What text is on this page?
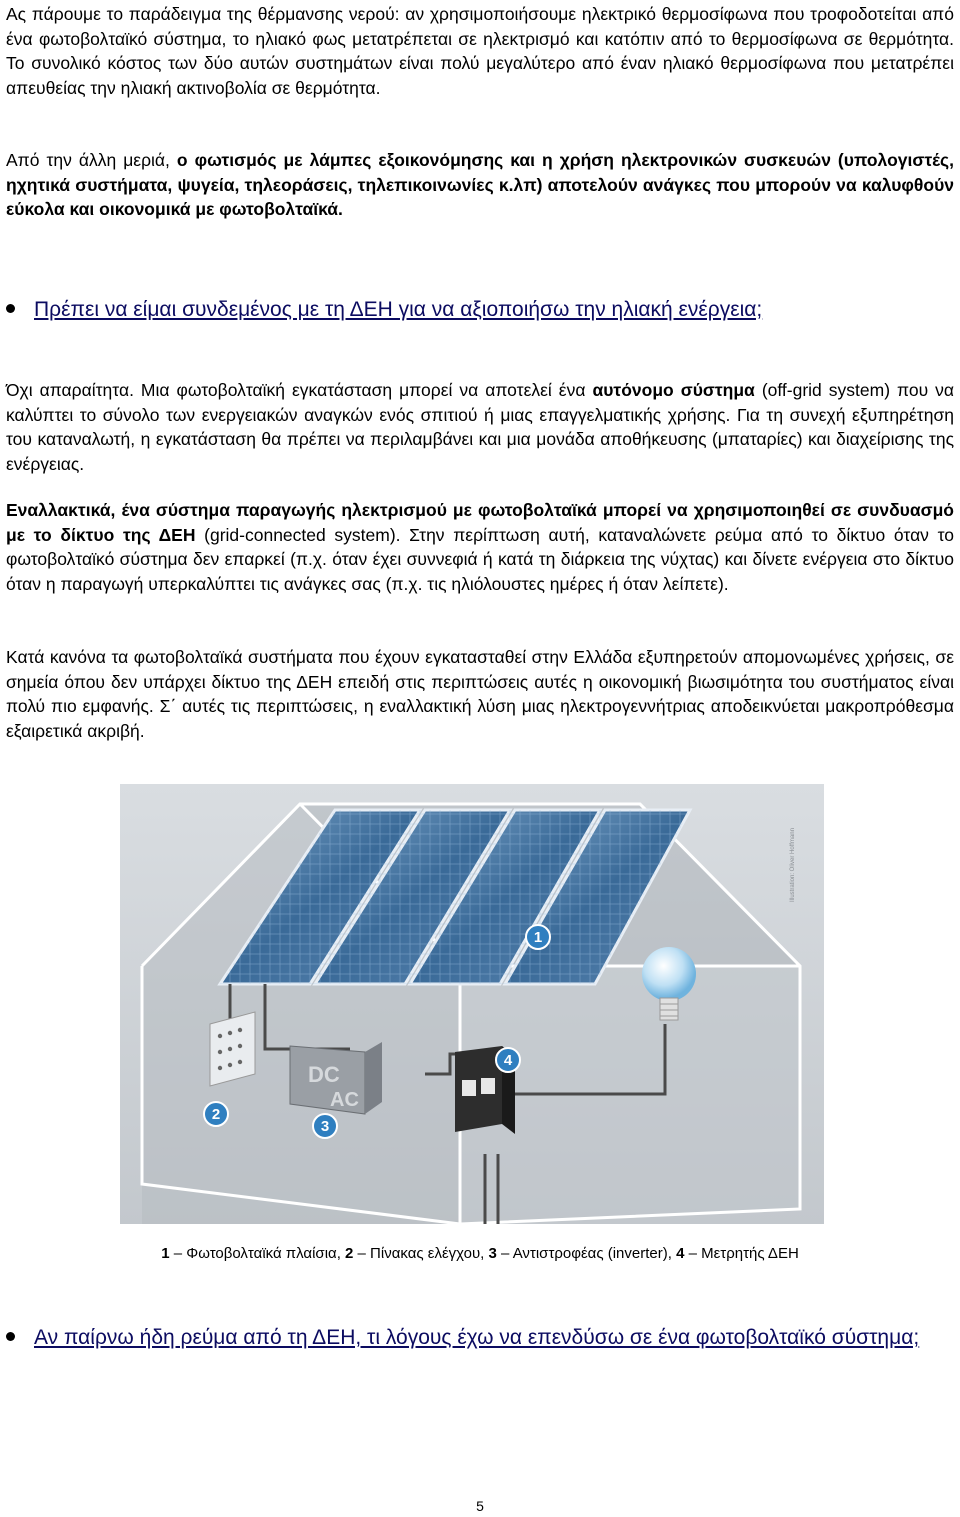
Ας πάρουμε το παράδειγμα της θέρμανσης νερού: αν χρησιμοποιήσουμε ηλεκτρικό θερμοσίφωνα που τροφοδοτείται από ένα φωτοβολταϊκό σύστημα, το ηλιακό φως μετατρέπεται σε ηλεκτρισμό και κατόπιν από το θερμοσίφωνα σε θερμότητα. Το συνολικό κόστος των δύο αυτών συστημάτων είναι πολύ μεγαλύτερο από έναν ηλιακό θερμοσίφωνα που μετατρέπει απευθείας την ηλιακή ακτινοβολία σε θερμότητα.

Από την άλλη μεριά, ο φωτισμός με λάμπες εξοικονόμησης και η χρήση ηλεκτρονικών συσκευών (υπολογιστές, ηχητικά συστήματα, ψυγεία, τηλεοράσεις, τηλεπικοινωνίες κ.λπ) αποτελούν ανάγκες που μπορούν να καλυφθούν εύκολα και οικονομικά με φωτοβολταϊκά.

Πρέπει να είμαι συνδεμένος με τη ΔΕΗ για να αξιοποιήσω την ηλιακή ενέργεια;

Όχι απαραίτητα. Μια φωτοβολταϊκή εγκατάσταση μπορεί να αποτελεί ένα αυτόνομο σύστημα (off-grid system) που να καλύπτει το σύνολο των ενεργειακών αναγκών ενός σπιτιού ή μιας επαγγελματικής χρήσης. Για τη συνεχή εξυπηρέτηση του καταναλωτή, η εγκατάσταση θα πρέπει να περιλαμβάνει και μια μονάδα αποθήκευσης (μπαταρίες) και διαχείρισης της ενέργειας.

Εναλλακτικά, ένα σύστημα παραγωγής ηλεκτρισμού με φωτοβολταϊκά μπορεί να χρησιμοποιηθεί σε συνδυασμό με το δίκτυο της ΔΕΗ (grid-connected system). Στην περίπτωση αυτή, καταναλώνετε ρεύμα από το δίκτυο όταν το φωτοβολταϊκό σύστημα δεν επαρκεί (π.χ. όταν έχει συννεφιά ή κατά τη διάρκεια της νύχτας) και δίνετε ενέργεια στο δίκτυο όταν η παραγωγή υπερκαλύπτει τις ανάγκες σας (π.χ. τις ηλιόλουστες ημέρες ή όταν λείπετε).

Κατά κανόνα τα φωτοβολταϊκά συστήματα που έχουν εγκατασταθεί στην Ελλάδα εξυπηρετούν απομονωμένες χρήσεις, σε σημεία όπου δεν υπάρχει δίκτυο της ΔΕΗ επειδή στις περιπτώσεις αυτές η οικονομική βιωσιμότητα του συστήματος είναι πολύ πιο εμφανής. Σ΄ αυτές τις περιπτώσεις, η εναλλακτική λύση μιας ηλεκτρογεννήτριας αποδεικνύεται μακροπρόθεσμα εξαιρετικά ακριβή.

DC
AC
1
2
3
4
Illustration: Oliver Hoffmann
1 – Φωτοβολταϊκά πλαίσια, 2 – Πίνακας ελέγχου, 3 – Αντιστροφέας (inverter), 4 – Μετρητής ΔΕΗ
Αν παίρνω ήδη ρεύμα από τη ΔΕΗ, τι λόγους έχω να επενδύσω σε ένα φωτοβολταϊκό σύστημα;
5
